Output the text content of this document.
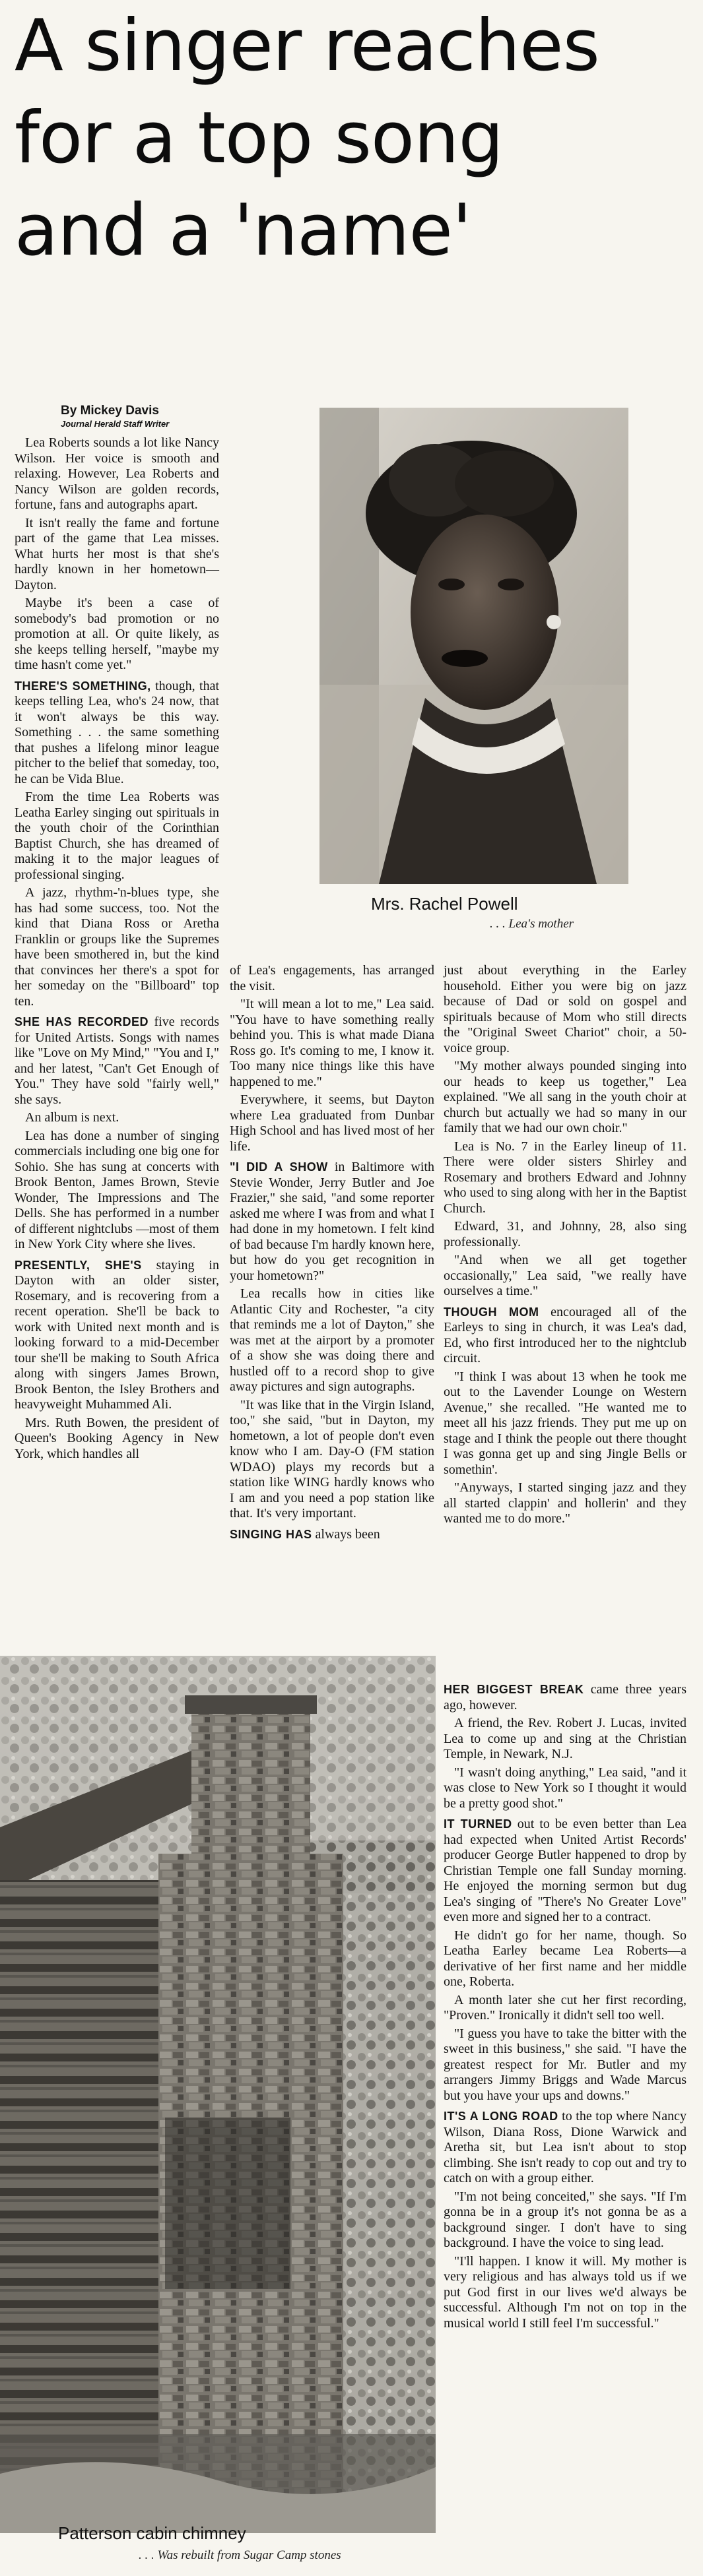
A singer reaches
for a top song
and a 'name'
By Mickey Davis
Journal Herald Staff Writer
Mrs. Rachel Powell
. . . Lea's mother

Lea Roberts sounds a lot like Nancy Wilson. Her voice is smooth and relaxing. However, Lea Roberts and Nancy Wilson are golden records, fortune, fans and autographs apart.

It isn't really the fame and fortune part of the game that Lea misses. What hurts her most is that she's hardly known in her hometown—Dayton.

Maybe it's been a case of somebody's bad promotion or no promotion at all. Or quite likely, as she keeps telling herself, "maybe my time hasn't come yet."

THERE'S SOMETHING, though, that keeps telling Lea, who's 24 now, that it won't always be this way. Something . . . the same something that pushes a lifelong minor league pitcher to the belief that someday, too, he can be Vida Blue.

From the time Lea Roberts was Leatha Earley singing out spirituals in the youth choir of the Corinthian Baptist Church, she has dreamed of making it to the major leagues of professional singing.

A jazz, rhythm-'n-blues type, she has had some success, too. Not the kind that Diana Ross or Aretha Franklin or groups like the Supremes have been smothered in, but the kind that convinces her there's a spot for her someday on the "Billboard" top ten.

SHE HAS RECORDED five records for United Artists. Songs with names like "Love on My Mind," "You and I," and her latest, "Can't Get Enough of You." They have sold "fairly well," she says.

An album is next.

Lea has done a number of singing commercials including one big one for Sohio. She has sung at concerts with Brook Benton, James Brown, Stevie Wonder, The Impressions and The Dells. She has performed in a number of different nightclubs —most of them in New York City where she lives.

PRESENTLY, SHE'S staying in Dayton with an older sister, Rosemary, and is recovering from a recent operation. She'll be back to work with United next month and is looking forward to a mid-December tour she'll be making to South Africa along with singers James Brown, Brook Benton, the Isley Brothers and heavyweight Muhammed Ali.

Mrs. Ruth Bowen, the president of Queen's Booking Agency in New York, which handles all

of Lea's engagements, has arranged the visit.

"It will mean a lot to me," Lea said. "You have to have something really behind you. This is what made Diana Ross go. It's coming to me, I know it. Too many nice things like this have happened to me."

Everywhere, it seems, but Dayton where Lea graduated from Dunbar High School and has lived most of her life.

"I DID A SHOW in Baltimore with Stevie Wonder, Jerry Butler and Joe Frazier," she said, "and some reporter asked me where I was from and what I had done in my hometown. I felt kind of bad because I'm hardly known here, but how do you get recognition in your hometown?"

Lea recalls how in cities like Atlantic City and Rochester, "a city that reminds me a lot of Dayton," she was met at the airport by a promoter of a show she was doing there and hustled off to a record shop to give away pictures and sign autographs.

"It was like that in the Virgin Island, too," she said, "but in Dayton, my hometown, a lot of people don't even know who I am. Day-O (FM station WDAO) plays my records but a station like WING hardly knows who I am and you need a pop station like that. It's very important.

SINGING HAS always been

just about everything in the Earley household. Either you were big on jazz because of Dad or sold on gospel and spirituals because of Mom who still directs the "Original Sweet Chariot" choir, a 50-voice group.

"My mother always pounded singing into our heads to keep us together," Lea explained. "We all sang in the youth choir at church but actually we had so many in our family that we had our own choir."

Lea is No. 7 in the Earley lineup of 11. There were older sisters Shirley and Rosemary and brothers Edward and Johnny who used to sing along with her in the Baptist Church.

Edward, 31, and Johnny, 28, also sing professionally.

"And when we all get together occasionally," Lea said, "we really have ourselves a time."

THOUGH MOM encouraged all of the Earleys to sing in church, it was Lea's dad, Ed, who first introduced her to the nightclub circuit.

"I think I was about 13 when he took me out to the Lavender Lounge on Western Avenue," she recalled. "He wanted me to meet all his jazz friends. They put me up on stage and I think the people out there thought I was gonna get up and sing Jingle Bells or somethin'.

"Anyways, I started singing jazz and they all started clappin' and hollerin' and they wanted me to do more."

HER BIGGEST BREAK came three years ago, however.

A friend, the Rev. Robert J. Lucas, invited Lea to come up and sing at the Christian Temple, in Newark, N.J.

"I wasn't doing anything," Lea said, "and it was close to New York so I thought it would be a pretty good shot."

IT TURNED out to be even better than Lea had expected when United Artist Records' producer George Butler happened to drop by Christian Temple one fall Sunday morning. He enjoyed the morning sermon but dug Lea's singing of "There's No Greater Love" even more and signed her to a contract.

He didn't go for her name, though. So Leatha Earley became Lea Roberts—a derivative of her first name and her middle one, Roberta.

A month later she cut her first recording, "Proven." Ironically it didn't sell too well.

"I guess you have to take the bitter with the sweet in this business," she said. "I have the greatest respect for Mr. Butler and my arrangers Jimmy Briggs and Wade Marcus but you have your ups and downs."

IT'S A LONG ROAD to the top where Nancy Wilson, Diana Ross, Dione Warwick and Aretha sit, but Lea isn't about to stop climbing. She isn't ready to cop out and try to catch on with a group either.

"I'm not being conceited," she says. "If I'm gonna be in a group it's not gonna be as a background singer. I don't have to sing background. I have the voice to sing lead.

"I'll happen. I know it will. My mother is very religious and has always told us if we put God first in our lives we'd always be successful. Although I'm not on top in the musical world I still feel I'm successful."

Patterson cabin chimney
. . . Was rebuilt from Sugar Camp stones
